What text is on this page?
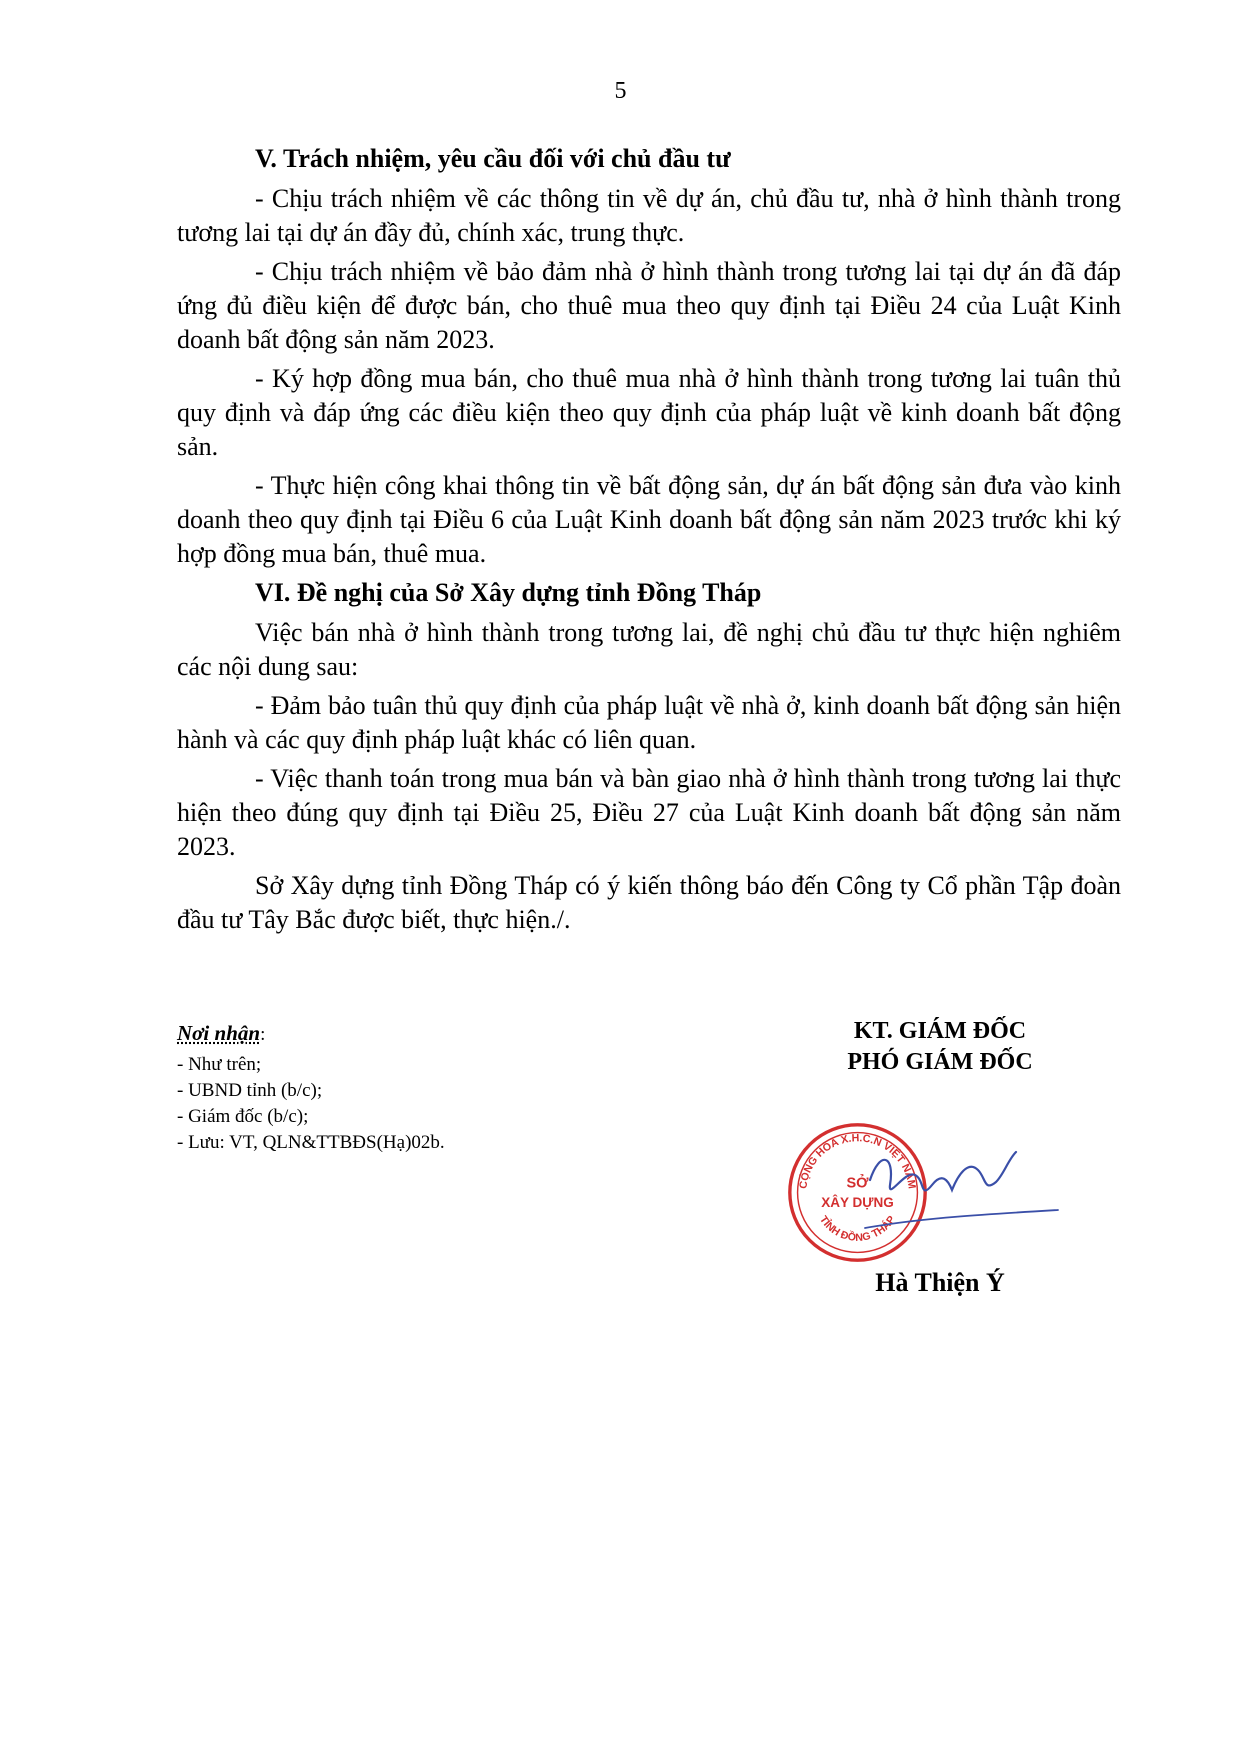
5

V. Trách nhiệm, yêu cầu đối với chủ đầu tư

- Chịu trách nhiệm về các thông tin về dự án, chủ đầu tư, nhà ở hình thành trong tương lai tại dự án đầy đủ, chính xác, trung thực.

- Chịu trách nhiệm về bảo đảm nhà ở hình thành trong tương lai tại dự án đã đáp ứng đủ điều kiện để được bán, cho thuê mua theo quy định tại Điều 24 của Luật Kinh doanh bất động sản năm 2023.

- Ký hợp đồng mua bán, cho thuê mua nhà ở hình thành trong tương lai tuân thủ quy định và đáp ứng các điều kiện theo quy định của pháp luật về kinh doanh bất động sản.

- Thực hiện công khai thông tin về bất động sản, dự án bất động sản đưa vào kinh doanh theo quy định tại Điều 6 của Luật Kinh doanh bất động sản năm 2023 trước khi ký hợp đồng mua bán, thuê mua.

VI. Đề nghị của Sở Xây dựng tỉnh Đồng Tháp

Việc bán nhà ở hình thành trong tương lai, đề nghị chủ đầu tư thực hiện nghiêm các nội dung sau:

- Đảm bảo tuân thủ quy định của pháp luật về nhà ở, kinh doanh bất động sản hiện hành và các quy định pháp luật khác có liên quan.

- Việc thanh toán trong mua bán và bàn giao nhà ở hình thành trong tương lai thực hiện theo đúng quy định tại Điều 25, Điều 27 của Luật Kinh doanh bất động sản năm 2023.

Sở Xây dựng tỉnh Đồng Tháp có ý kiến thông báo đến Công ty Cổ phần Tập đoàn đầu tư Tây Bắc được biết, thực hiện./.

Nơi nhận:
- Như trên;
- UBND tỉnh (b/c);
- Giám đốc (b/c);
- Lưu: VT, QLN&TTBĐS(Hạ)02b.
KT. GIÁM ĐỐC
PHÓ GIÁM ĐỐC
CỘNG HÒA X.H.C.N VIỆT NAM
SỞ
XÂY DỰNG
TỈNH ĐỒNG THÁP
Hà Thiện Ý
